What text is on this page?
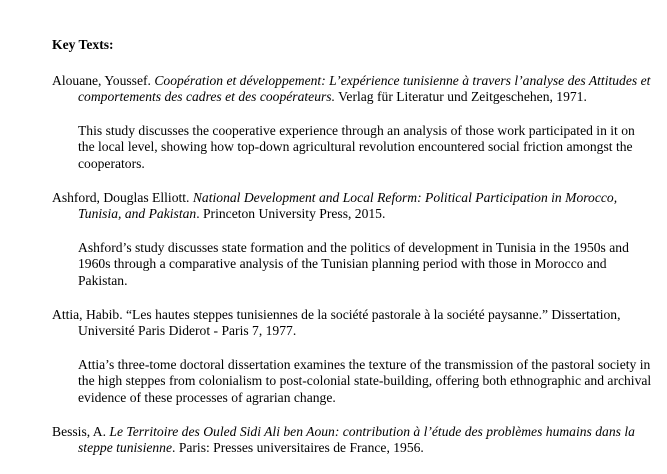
Key Texts:

Alouane, Youssef. Coopération et développement: L’expérience tunisienne à travers l’analyse des Attitudes et comportements des cadres et des coopérateurs. Verlag für Literatur und Zeitgeschehen, 1971.

This study discusses the cooperative experience through an analysis of those work participated in it on the local level, showing how top-down agricultural revolution encountered social friction amongst the cooperators.

Ashford, Douglas Elliott. National Development and Local Reform: Political Participation in Morocco, Tunisia, and Pakistan. Princeton University Press, 2015.

Ashford’s study discusses state formation and the politics of development in Tunisia in the 1950s and 1960s through a comparative analysis of the Tunisian planning period with those in Morocco and Pakistan.

Attia, Habib. “Les hautes steppes tunisiennes de la société pastorale à la société paysanne.” Dissertation, Université Paris Diderot - Paris 7, 1977.

Attia’s three-tome doctoral dissertation examines the texture of the transmission of the pastoral society in the high steppes from colonialism to post-colonial state-building, offering both ethnographic and archival evidence of these processes of agrarian change.

Bessis, A. Le Territoire des Ouled Sidi Ali ben Aoun: contribution à l’étude des problèmes humains dans la steppe tunisienne. Paris: Presses universitaires de France, 1956.
